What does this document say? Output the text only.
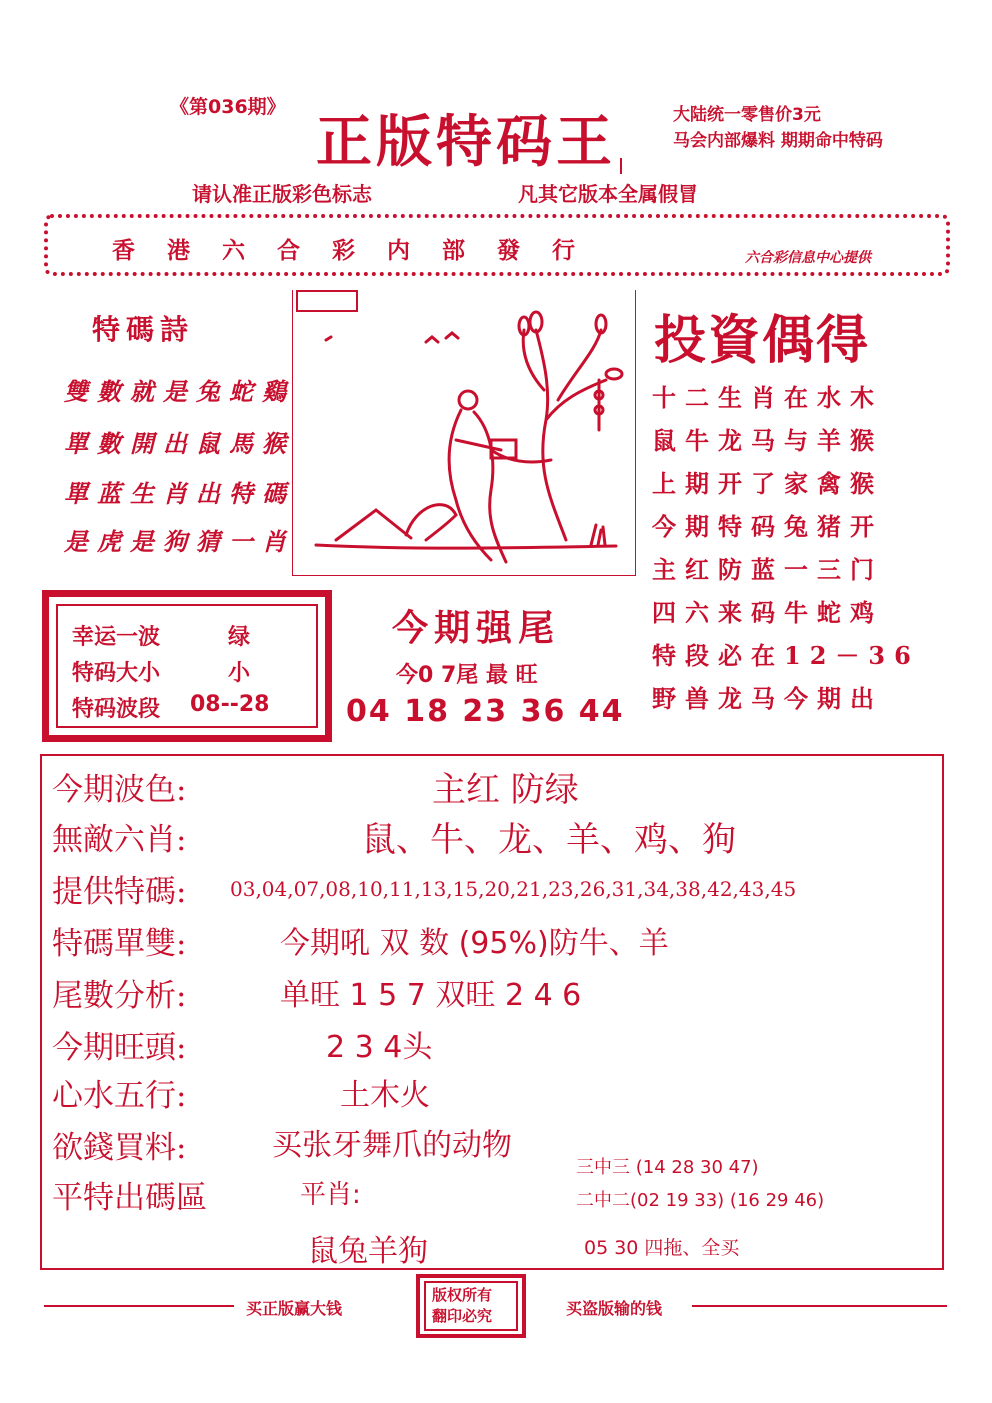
《第036期》
正版特码王	大陆统一零售价3元
马会内部爆料 期期命中特码
请认准正版彩色标志	凡其它版本全属假冒
香港六合彩内部發行	六合彩信息中心提供
特碼詩
雙數就是兔蛇鷄
單數開出鼠馬猴
單蓝生肖出特碼
是虎是狗猜一肖
投資偶得
十二生肖在水木
鼠牛龙马与羊猴
上期开了家禽猴
今期特码兔猪开
主红防蓝一三门
四六来码牛蛇鸡
特段必在12－36
野兽龙马今期出
幸运一波	绿
特码大小	小
特码波段 08--28
今期强尾
今0 7尾 最 旺
04 18 23 36 44
今期波色:	主红 防绿
無敵六肖:	鼠、牛、龙、羊、鸡、狗
提供特碼: 03,04,07,08,10,11,13,15,20,21,23,26,31,34,38,42,43,45
特碼單雙:	今期吼 双 数 (95%)防牛、羊
尾數分析:	单旺 1 5 7 双旺 2 4 6
今期旺頭:	2 3 4头
心水五行:	土木火
欲錢買料:	买张牙舞爪的动物
平特出碼區	平肖:
鼠兔羊狗
三中三 (14 28 30 47)
二中二(02 19 33) (16 29 46)
05 30 四拖、全买
买正版赢大钱	买盗版输的钱
版权所有
翻印必究
